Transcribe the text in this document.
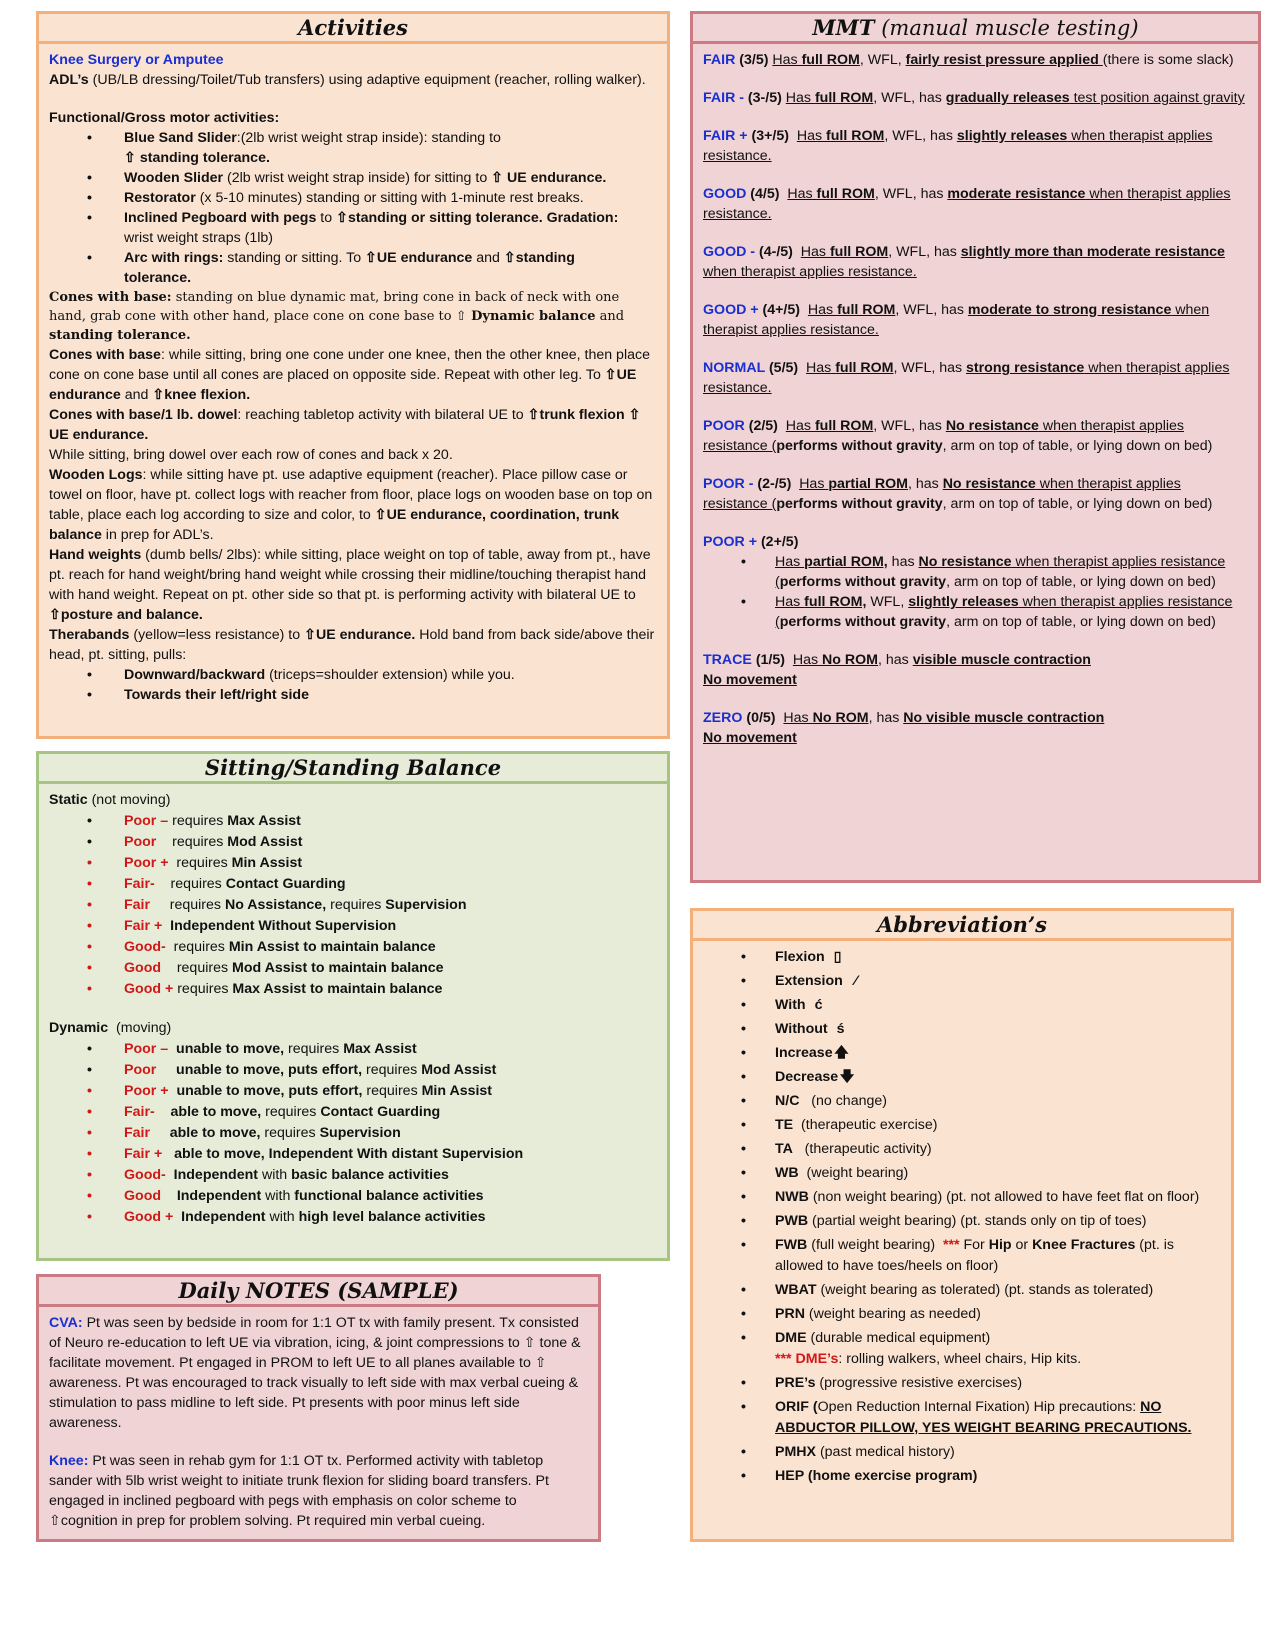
Activities
Knee Surgery or Amputee
ADL’s (UB/LB dressing/Toilet/Tub transfers) using adaptive equipment (reacher, rolling walker).
Functional/Gross motor activities:
• Blue Sand Slider:(2lb wrist weight strap inside): standing to
⇧ standing tolerance.
• Wooden Slider (2lb wrist weight strap inside) for sitting to ⇧ UE endurance.
• Restorator (x 5-10 minutes) standing or sitting with 1-minute rest breaks.
• Inclined Pegboard with pegs to ⇧standing or sitting tolerance. Gradation:
wrist weight straps (1lb)
• Arc with rings: standing or sitting. To ⇧UE endurance and ⇧standing
tolerance.
Cones with base: standing on blue dynamic mat, bring cone in back of neck with one hand, grab cone with other hand, place cone on cone base to ⇧ Dynamic balance and standing tolerance.
Cones with base: while sitting, bring one cone under one knee, then the other knee, then place cone on cone base until all cones are placed on opposite side. Repeat with other leg. To ⇧UE endurance and ⇧knee flexion.
Cones with base/1 lb. dowel: reaching tabletop activity with bilateral UE to ⇧trunk flexion ⇧ UE endurance.
While sitting, bring dowel over each row of cones and back x 20.
Wooden Logs: while sitting have pt. use adaptive equipment (reacher). Place pillow case or towel on floor, have pt. collect logs with reacher from floor, place logs on wooden base on top on table, place each log according to size and color, to ⇧UE endurance, coordination, trunk balance in prep for ADL’s.
Hand weights (dumb bells/ 2lbs): while sitting, place weight on top of table, away from pt., have pt. reach for hand weight/bring hand weight while crossing their midline/touching therapist hand with hand weight. Repeat on pt. other side so that pt. is performing activity with bilateral UE to ⇧posture and balance.
Therabands (yellow=less resistance) to ⇧UE endurance. Hold band from back side/above their head, pt. sitting, pulls:
• Downward/backward (triceps=shoulder extension) while you.
• Towards their left/right side
Sitting/Standing Balance
Static (not moving)
• Poor – requires Max Assist
• Poor    requires Mod Assist
• Poor +  requires Min Assist
• Fair-    requires Contact Guarding
• Fair     requires No Assistance, requires Supervision
• Fair + Independent Without Supervision
• Good-  requires Min Assist to maintain balance
• Good    requires Mod Assist to maintain balance
• Good + requires Max Assist to maintain balance
Dynamic  (moving)
• Poor – unable to move, requires Max Assist
• Poor unable to move, puts effort, requires Mod Assist
• Poor + unable to move, puts effort, requires Min Assist
• Fair- able to move, requires Contact Guarding
• Fair able to move, requires Supervision
• Fair + able to move, Independent With distant Supervision
• Good- Independent with basic balance activities
• Good Independent with functional balance activities
• Good + Independent with high level balance activities
Daily NOTES (SAMPLE)
CVA: Pt was seen by bedside in room for 1:1 OT tx with family present. Tx consisted of Neuro re-education to left UE via vibration, icing, & joint compressions to ⇧ tone & facilitate movement. Pt engaged in PROM to left UE to all planes available to ⇧ awareness. Pt was encouraged to track visually to left side with max verbal cueing & stimulation to pass midline to left side. Pt presents with poor minus left side awareness.
Knee: Pt was seen in rehab gym for 1:1 OT tx. Performed activity with tabletop sander with 5lb wrist weight to initiate trunk flexion for sliding board transfers. Pt engaged in inclined pegboard with pegs with emphasis on color scheme to ⇧cognition in prep for problem solving. Pt required min verbal cueing.
MMT (manual muscle testing)
FAIR (3/5) Has full ROM, WFL, fairly resist pressure applied (there is some slack)
FAIR - (3-/5) Has full ROM, WFL, has gradually releases test position against gravity
FAIR + (3+/5)  Has full ROM, WFL, has slightly releases when therapist applies resistance.
GOOD (4/5)  Has full ROM, WFL, has moderate resistance when therapist applies resistance.
GOOD - (4-/5)  Has full ROM, WFL, has slightly more than moderate resistance when therapist applies resistance.
GOOD + (4+/5)  Has full ROM, WFL, has moderate to strong resistance when therapist applies resistance.
NORMAL (5/5)  Has full ROM, WFL, has strong resistance when therapist applies resistance.
POOR (2/5)  Has full ROM, WFL, has No resistance when therapist applies resistance (performs without gravity, arm on top of table, or lying down on bed)
POOR - (2-/5)  Has partial ROM, has No resistance when therapist applies resistance (performs without gravity, arm on top of table, or lying down on bed)
POOR + (2+/5)
• Has partial ROM, has No resistance when therapist applies resistance (performs without gravity, arm on top of table, or lying down on bed)
• Has full ROM, WFL, slightly releases when therapist applies resistance (performs without gravity, arm on top of table, or lying down on bed)
TRACE (1/5)  Has No ROM, has visible muscle contraction
No movement
ZERO (0/5)  Has No ROM, has No visible muscle contraction
No movement
Abbreviation’s
• Flexion ▯
• Extension ⁄
• With ć
• Without ś
• Increase 🡅
• Decrease 🡇
• N/C   (no change)
• TE  (therapeutic exercise)
• TA   (therapeutic activity)
• WB  (weight bearing)
• NWB (non weight bearing) (pt. not allowed to have feet flat on floor)
• PWB (partial weight bearing) (pt. stands only on tip of toes)
• FWB (full weight bearing)  *** For Hip or Knee Fractures (pt. is allowed to have toes/heels on floor)
• WBAT (weight bearing as tolerated) (pt. stands as tolerated)
• PRN (weight bearing as needed)
• DME (durable medical equipment)
*** DME’s: rolling walkers, wheel chairs, Hip kits.
• PRE’s (progressive resistive exercises)
• ORIF (Open Reduction Internal Fixation) Hip precautions: NO ABDUCTOR PILLOW, YES WEIGHT BEARING PRECAUTIONS.
• PMHX (past medical history)
• HEP (home exercise program)
